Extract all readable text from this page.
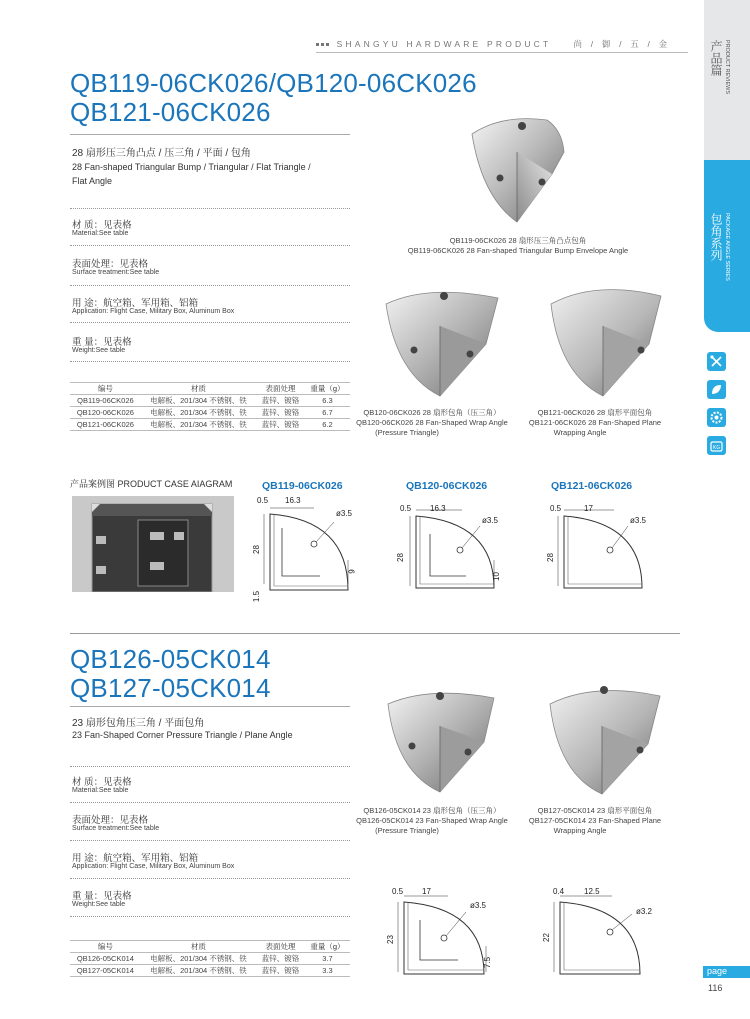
产品篇 PRODUCT REVIEWS
包角系列 PACKAGE ANGLE SERIES
KG
page
116
SHANGYU HARDWARE PRODUCT	尚 / 御 / 五 / 金
QB119-06CK026/QB120-06CK026
QB121-06CK026
28 扇形压三角凸点 / 压三角 / 平面 / 包角
28 Fan-shaped Triangular Bump / Triangular / Flat Triangle /
Flat Angle
材 质：见表格
Material:See table
表面处理：见表格
Surface treatment:See table
用 途：航空箱、军用箱、铝箱
Application: Flight Case, Military Box, Aluminum Box
重 量：见表格
Weight:See table
编号	材质	表面处理	重量（g）
QB119-06CK026	电解板、201/304 不锈钢、铁	蓝锌、镀铬	6.3
QB120-06CK026	电解板、201/304 不锈钢、铁	蓝锌、镀铬	6.7
QB121-06CK026	电解板、201/304 不锈钢、铁	蓝锌、镀铬	6.2
QB119-06CK026 28 扇形压三角凸点包角
QB119-06CK026 28 Fan-shaped Triangular Bump Envelope Angle
QB120-06CK026 28 扇形包角（压三角）
QB120-06CK026 28 Fan-Shaped Wrap Angle
(Pressure Triangle)
QB121-06CK026 28 扇形平面包角
QB121-06CK026 28 Fan-Shaped Plane
Wrapping Angle
产品案例图 PRODUCT CASE AIAGRAM	QB119-06CK026	QB120-06CK026	QB121-06CK026
0.5 16.3
ø3.5
28
9
1.5
0.5 16.3
ø3.5
28
10
0.5	17
ø3.5
28
QB126-05CK014
QB127-05CK014
23 扇形包角压三角 / 平面包角
23 Fan-Shaped Corner Pressure Triangle / Plane Angle
材 质：见表格
Material:See table
表面处理：见表格
Surface treatment:See table
用 途：航空箱、军用箱、铝箱
Application: Flight Case, Military Box, Aluminum Box
重 量：见表格
Weight:See table
编号	材质	表面处理	重量（g）
QB126-05CK014	电解板、201/304 不锈钢、铁	蓝锌、镀铬	3.7
QB127-05CK014	电解板、201/304 不锈钢、铁	蓝锌、镀铬	3.3
QB126-05CK014 23 扇形包角（压三角）
QB126-05CK014 23 Fan-Shaped Wrap Angle
(Pressure Triangle)
QB127-05CK014 23 扇形平面包角
QB127-05CK014 23 Fan-Shaped Plane
Wrapping Angle
0.5 17
ø3.5
23
7.5
0.4 12.5
ø3.2
22
